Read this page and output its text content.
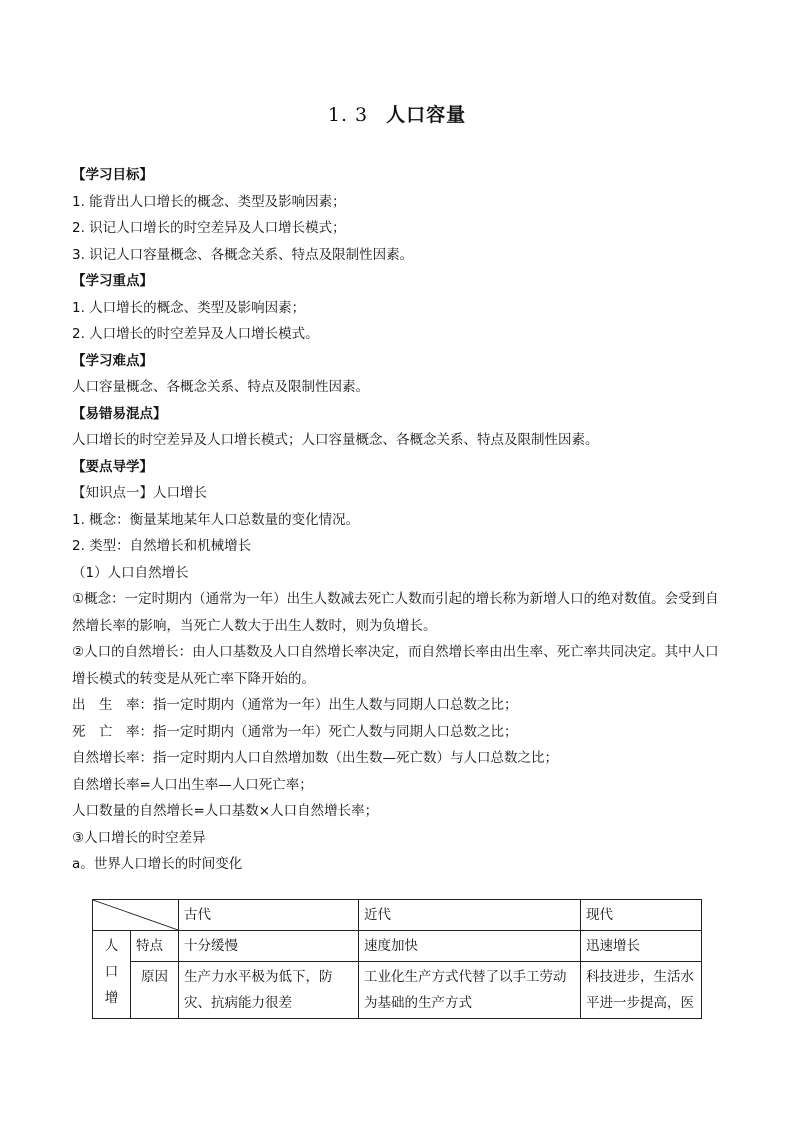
1. 3 人口容量

【学习目标】

1. 能背出人口增长的概念、类型及影响因素；

2. 识记人口增长的时空差异及人口增长模式；

3. 识记人口容量概念、各概念关系、特点及限制性因素。

【学习重点】

1. 人口增长的概念、类型及影响因素；

2. 人口增长的时空差异及人口增长模式。

【学习难点】

人口容量概念、各概念关系、特点及限制性因素。

【易错易混点】

人口增长的时空差异及人口增长模式；人口容量概念、各概念关系、特点及限制性因素。

【要点导学】

【知识点一】人口增长

1. 概念：衡量某地某年人口总数量的变化情况。

2. 类型：自然增长和机械增长

（1）人口自然增长

①概念：一定时期内（通常为一年）出生人数减去死亡人数而引起的增长称为新增人口的绝对数值。会受到自然增长率的影响，当死亡人数大于出生人数时，则为负增长。

②人口的自然增长：由人口基数及人口自然增长率决定，而自然增长率由出生率、死亡率共同决定。其中人口增长模式的转变是从死亡率下降开始的。

出　生　率：指一定时期内（通常为一年）出生人数与同期人口总数之比；

死　亡　率：指一定时期内（通常为一年）死亡人数与同期人口总数之比；

自然增长率：指一定时期内人口自然增加数（出生数—死亡数）与人口总数之比；

自然增长率=人口出生率—人口死亡率；

人口数量的自然增长=人口基数×人口自然增长率；

③人口增长的时空差异

a。世界人口增长的时间变化

	古代	近代	现代

人
口
增	特点	十分缓慢	速度加快	迅速增长
	原因	生产力水平极为低下，防灾、抗病能力很差	工业化生产方式代替了以手工劳动为基础的生产方式	科技进步，生活水平进一步提高，医
